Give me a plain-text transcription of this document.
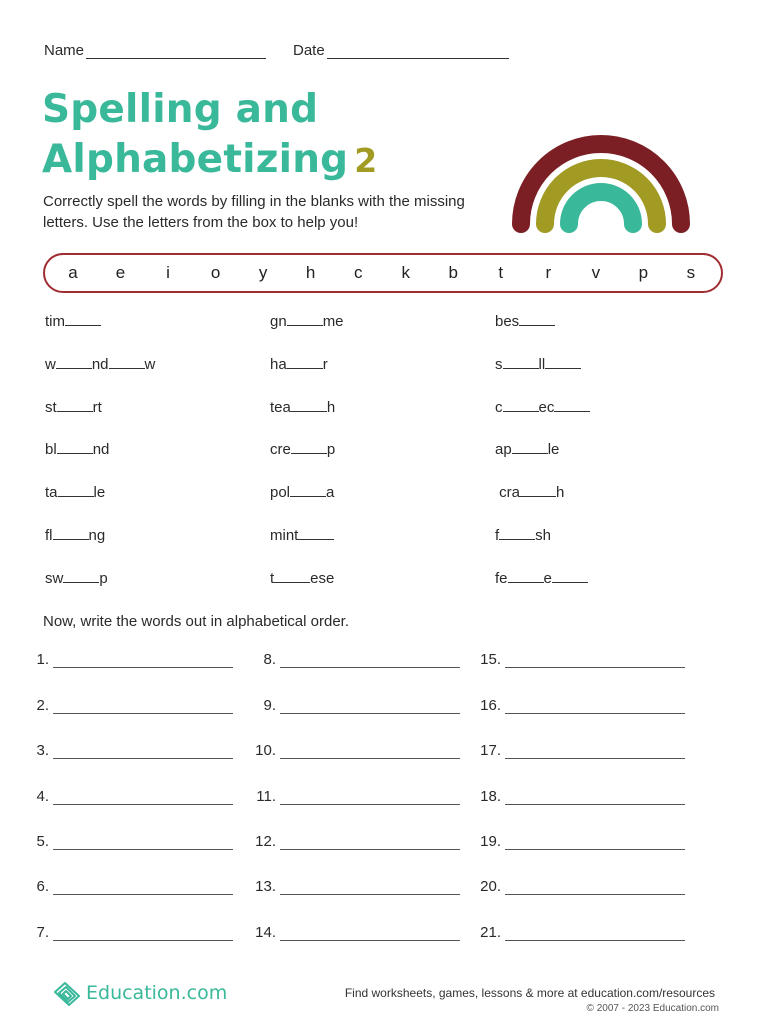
Name	Date
Spelling and
Alphabetizing 2
Correctly spell the words by filling in the blanks with the missing letters. Use the letters from the box to help you!
a e i o y h c k b t r v p s
tim	gn me	bes
w nd w	ha r	s ll
st rt	tea h	c ec
bl nd	cre p	ap le
ta le	pol a	cra h
fl ng	mint	f sh
sw p	t ese	fe e
Now, write the words out in alphabetical order.
1.	8.	15.
2.	9.	16.
3.	10.	17.
4.	11.	18.
5.	12.	19.
6.	13.	20.
7.	14.	21.
Education.com	Find worksheets, games, lessons & more at education.com/resources
© 2007 - 2023 Education.com
